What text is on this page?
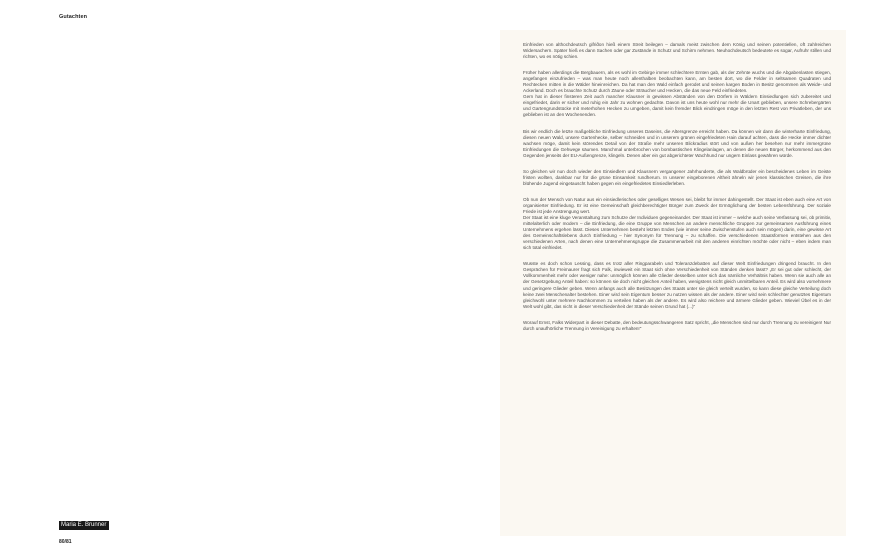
Gutachten
Maria E. Brunner
80/81

Einfrieden von althochdeutsch gifriðon hieß einem Streit beilegen – damals meist zwischen dem König und seinen potentiellen, oft zahlreichen Widersachern. Später hieß es dann Sachen oder gar Zustände in Schutz und Schirm nehmen. Neuhochdeutsch bedeutete es sogar, Aufruhr stillen und richten, wo es nötig schien.

Früher haben allerdings die Bergbauern, als es wohl im Gebirge immer schlechtere Ernten gab, als der Zehnte wuchs und die Abgabenlasten stiegen, angefangen einzufrieden – was man heute noch allenthalben beobachten kann, am besten dort, wo die Felder in seltsamen Quadraten und Rechtecken mitten in die Wälder hineinreichen. Da hat man den Wald einfach gerodet und seinen kargen Boden in Besitz genommen als Weide- und Ackerland. Doch es brauchte Schutz durch Zäune oder Sträucher und Hecken, die das neue Feld einfriedeten.

Gern hat in dieser finsteren Zeit auch mancher Klausner in gewissen Abständen von den Dörfern in Wäldern Einsiedlungen sich zubereitet und eingefriedet, darin er sicher und ruhig ein Jahr zu wohnen gedachte. Davon ist uns heute wohl nur mehr die Unart geblieben, unsere Schrebergärten und Gartengrundstücke mit meterhohen Hecken zu umgeben, damit kein fremder Blick eindringen möge in den letzten Rest von Privatleben, der uns geblieben ist an den Wochenenden.

Bis wir endlich die letzte maßgebliche Einfriedung unseres Daseins, die Altersgrenze erreicht haben. Da können wir dann die winterharte Einfriedung, diesen neuen Wald, unsere Gartenhecke, selber schneiden und in unserem grünen eingefriedeten Hain darauf achten, dass die Hecke immer dichter wachsen möge, damit kein störendes Detail von der Straße mehr unseren Blickradius stört und von außen her besehen nur mehr immergrüne Einfriedungen die Gehwege säumen. Manchmal unterbrochen von bombastischen Klingelanlagen, an denen die neuen Bürger, herkommend aus den Gegenden jenseits der EU-Außengrenze, klingeln. Denen aber ein gut abgerichteter Wachhund nur ungern Einlass gewähren würde.

So gleichen wir nun doch wieder den Einsiedlern und Klausnern vergangener Jahrhunderte, die als Waldbrüder ein bescheidenes Leben im Geiste fristen wollten, dankbar nur für die grüne Einsamkeit rundherum. In unserer eingeborenen Altheit ähneln wir jenen klassischen Greisen, die ihre blühende Jugend eingetauscht haben gegen ein eingefriedetes Einsiedlerleben.

Ob nun der Mensch von Natur aus ein einsiedlerisches oder geselliges Wesen sei, bleibt für immer dahingestellt. Der Staat ist eben auch eine Art von organisierter Einfriedung. Er ist eine Gemeinschaft gleichberechtigter Bürger zum Zweck der Ermöglichung der besten Lebensführung. Der soziale Friede ist jede Anstrengung wert.

Der Staat ist eine kluge Veranstaltung zum Schutze der Individuen gegeneinander. Der Staat ist immer – welche auch seine Verfassung sei, ob primitiv, mittelalterlich oder modern – die Einfriedung, die eine Gruppe von Menschen an andere menschliche Gruppen zur gemeinsamen Ausführung eines Unternehmens ergehen lässt. Dieses Unternehmen besteht letzten Endes (wie immer seine Zwischenstufen auch sein mögen) darin, eine gewisse Art des Gemeinschaftslebens durch Einfriedung – hier Synonym für Trennung – zu schaffen. Die verschiedenen Staatsformen entstehen aus den verschiedenen Arten, nach denen eine Unternehmensgruppe die Zusammenarbeit mit den anderen einrichten möchte oder nicht – eben indem man sich total einfriedet.

Wusste es doch schon Lessing, dass es trotz aller Ringparabeln und Toleranzdebatten auf dieser Welt Einfriedungen dringend braucht. In den Gesprächen für Freimaurer fragt sich Falk, inwieweit ein Staat sich ohne Verschiedenheit von Ständen denken lässt? „Er sei gut oder schlecht, der Vollkommenheit mehr oder weniger nahe: unmöglich können alle Glieder desselben unter sich das nämliche Verhältnis haben. Wenn sie auch alle an der Gesetzgebung Anteil haben: so können sie doch nicht gleichen Anteil haben, wenigstens nicht gleich unmittelbaren Anteil. Es wird also vornehmere und geringere Glieder geben. Wenn anfangs auch alle Besitzungen des Staats unter sie gleich verteilt wurden, so kann diese gleiche Verteilung doch keine zwei Menschenalter bestehen. Einer wird sein Eigentum besser zu nutzen wissen als der andere. Einer wird sein schlechter genutztes Eigentum gleichwohl unter mehrere Nachkommen zu verteilen haben als der andere. Es wird also reichere und ärmere Glieder geben. Wieviel Übel es in der Welt wohl gibt, das nicht in dieser Verschiedenheit der Stände seinen Grund hat (...)"

Worauf Ernst, Falks Widerpart in dieser Debatte, den bedeutungsschwangeren Satz spricht, „die Menschen sind nur durch Trennung zu vereinigen! Nur durch unaufhörliche Trennung in Vereinigung zu erhalten!"
